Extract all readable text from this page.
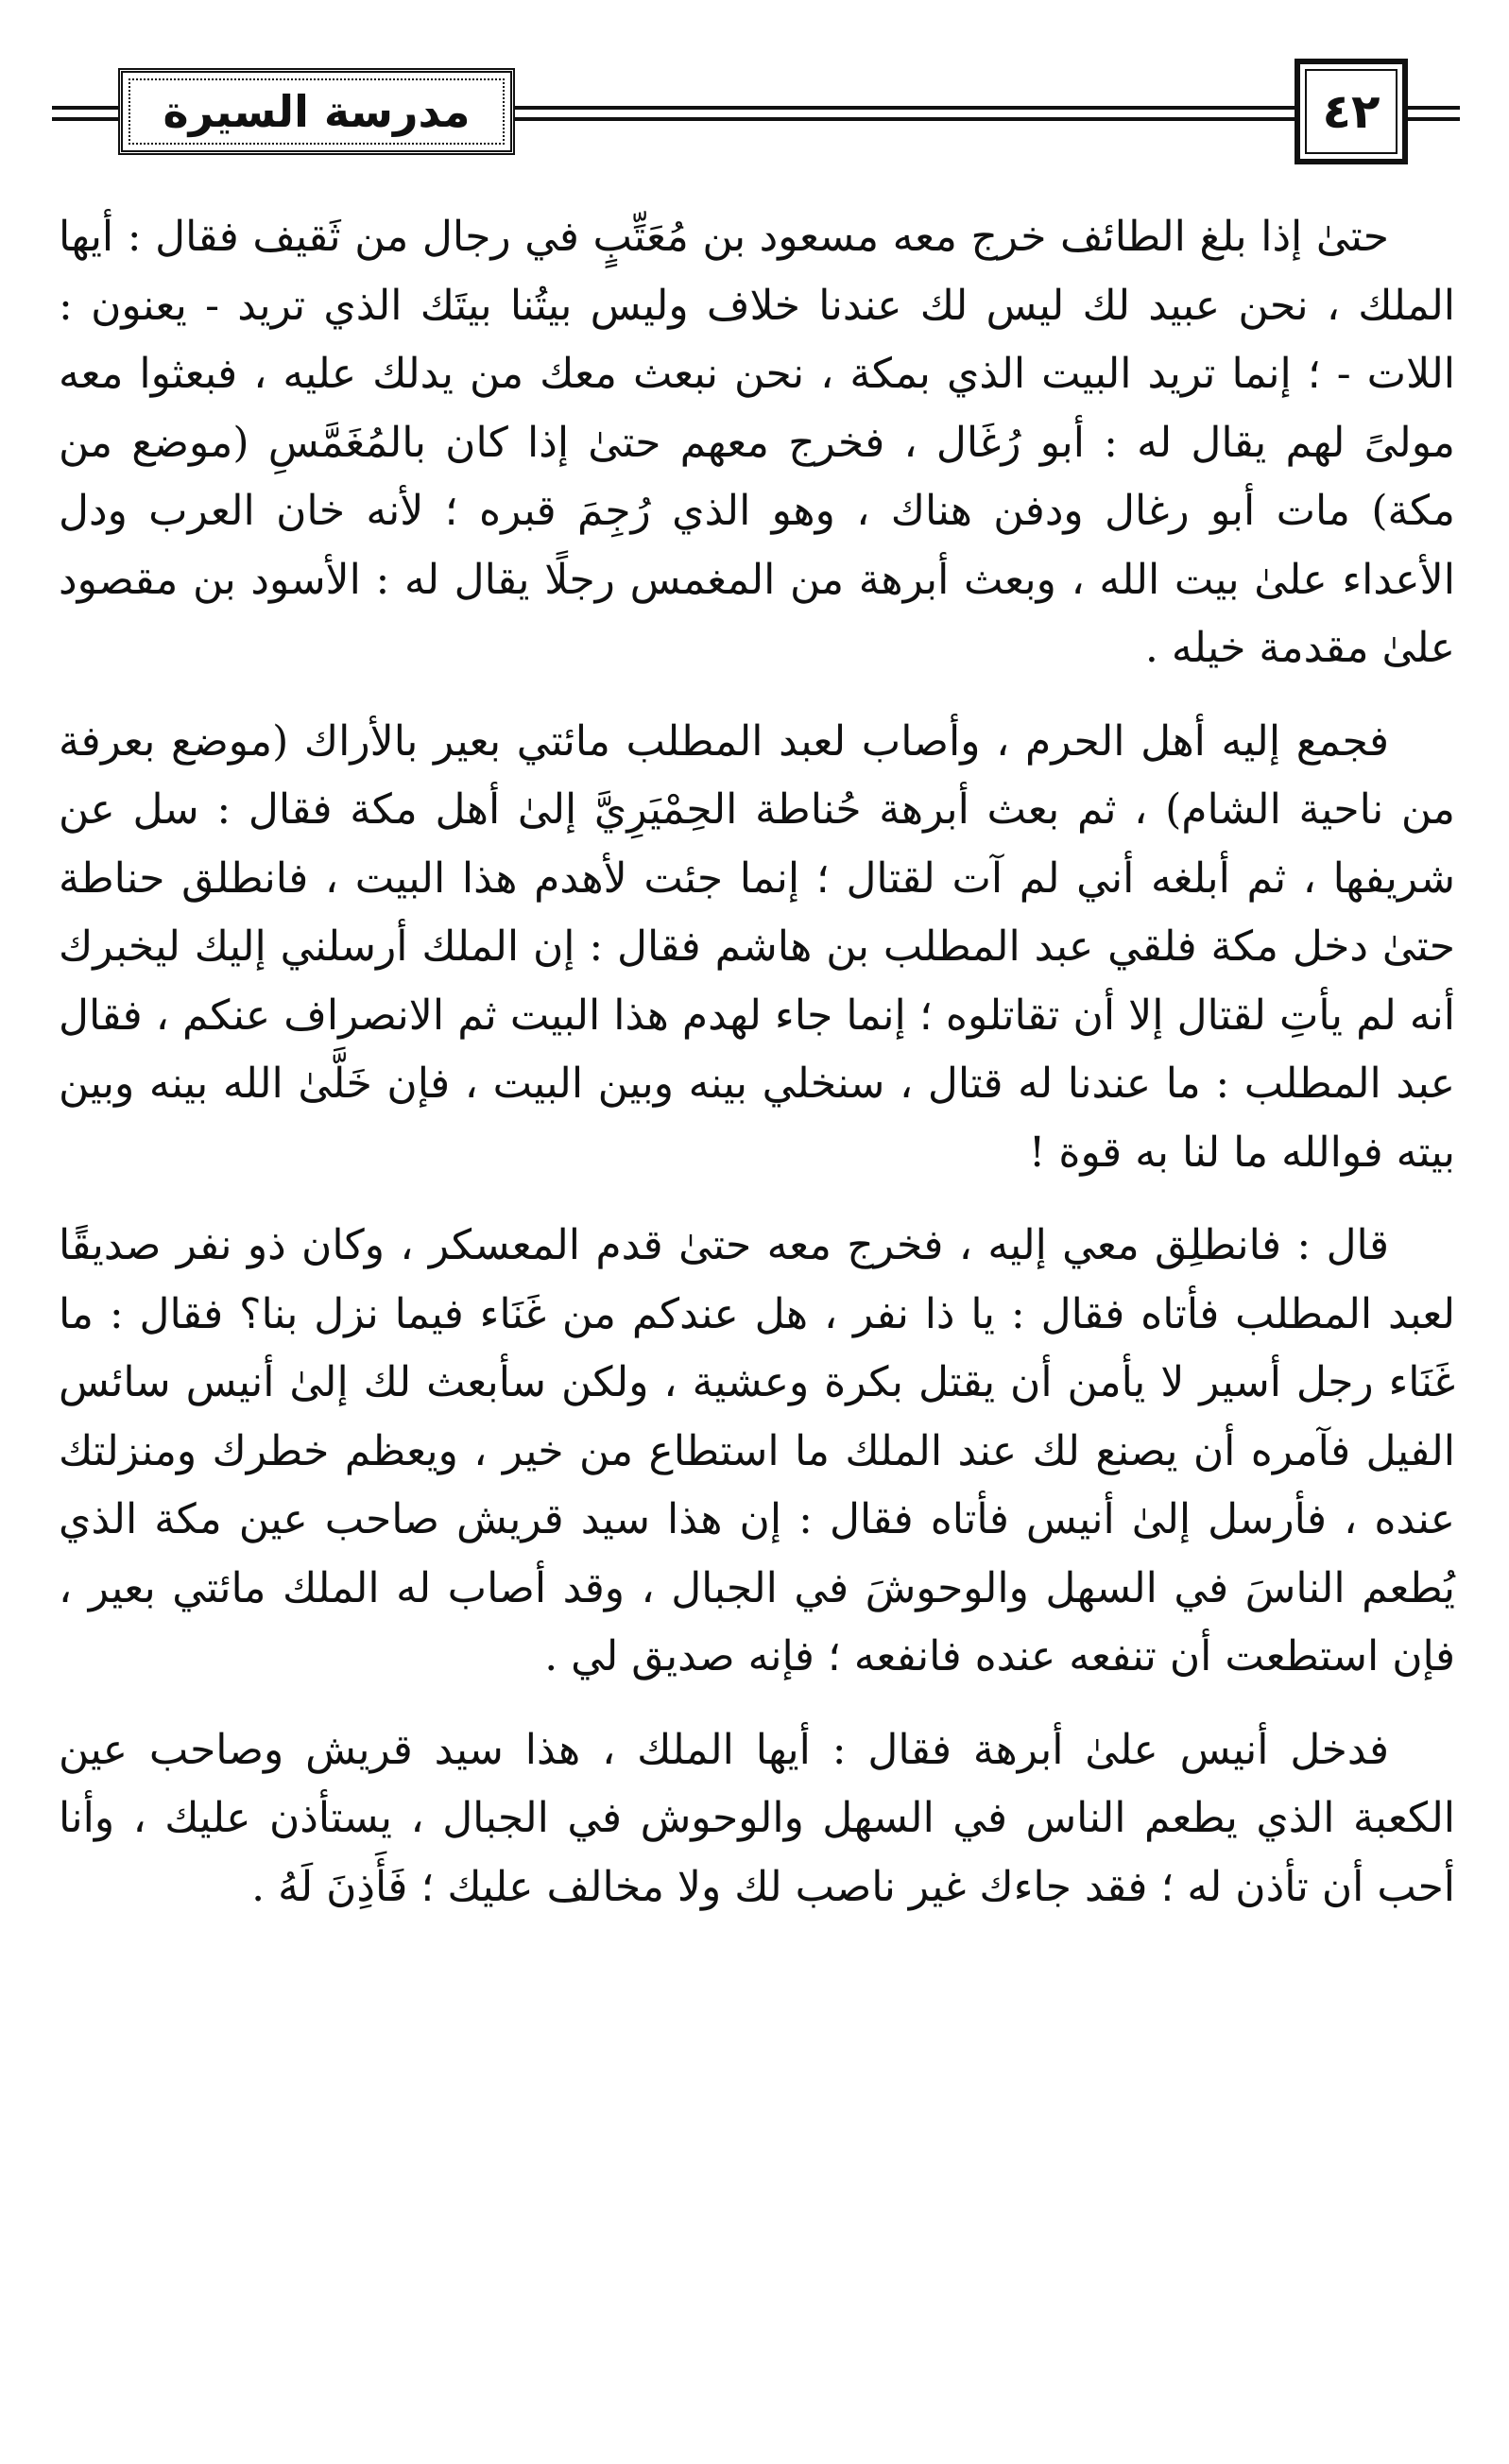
مدرسة السيرة	٤٢

حتىٰ إذا بلغ الطائف خرج معه مسعود بن مُعَتِّبٍ في رجال من ثَقيف فقال : أيها الملك ، نحن عبيد لك ليس لك عندنا خلاف وليس بيتُنا بيتَك الذي تريد - يعنون : اللات - ؛ إنما تريد البيت الذي بمكة ، نحن نبعث معك من يدلك عليه ، فبعثوا معه مولىً لهم يقال له : أبو رُغَال ، فخرج معهم حتىٰ إذا كان بالمُغَمَّسِ (موضع من مكة) مات أبو رغال ودفن هناك ، وهو الذي رُجِمَ قبره ؛ لأنه خان العرب ودل الأعداء علىٰ بيت الله ، وبعث أبرهة من المغمس رجلًا يقال له : الأسود بن مقصود علىٰ مقدمة خيله .

فجمع إليه أهل الحرم ، وأصاب لعبد المطلب مائتي بعير بالأراك (موضع بعرفة من ناحية الشام) ، ثم بعث أبرهة حُناطة الحِمْيَرِيَّ إلىٰ أهل مكة فقال : سل عن شريفها ، ثم أبلغه أني لم آت لقتال ؛ إنما جئت لأهدم هذا البيت ، فانطلق حناطة حتىٰ دخل مكة فلقي عبد المطلب بن هاشم فقال : إن الملك أرسلني إليك ليخبرك أنه لم يأتِ لقتال إلا أن تقاتلوه ؛ إنما جاء لهدم هذا البيت ثم الانصراف عنكم ، فقال عبد المطلب : ما عندنا له قتال ، سنخلي بينه وبين البيت ، فإن خَلَّىٰ الله بينه وبين بيته فوالله ما لنا به قوة !

قال : فانطلِق معي إليه ، فخرج معه حتىٰ قدم المعسكر ، وكان ذو نفر صديقًا لعبد المطلب فأتاه فقال : يا ذا نفر ، هل عندكم من غَنَاء فيما نزل بنا؟ فقال : ما غَنَاء رجل أسير لا يأمن أن يقتل بكرة وعشية ، ولكن سأبعث لك إلىٰ أنيس سائس الفيل فآمره أن يصنع لك عند الملك ما استطاع من خير ، ويعظم خطرك ومنزلتك عنده ، فأرسل إلىٰ أنيس فأتاه فقال : إن هذا سيد قريش صاحب عين مكة الذي يُطعم الناسَ في السهل والوحوشَ في الجبال ، وقد أصاب له الملك مائتي بعير ، فإن استطعت أن تنفعه عنده فانفعه ؛ فإنه صديق لي .

فدخل أنيس علىٰ أبرهة فقال : أيها الملك ، هذا سيد قريش وصاحب عين الكعبة الذي يطعم الناس في السهل والوحوش في الجبال ، يستأذن عليك ، وأنا أحب أن تأذن له ؛ فقد جاءك غير ناصب لك ولا مخالف عليك ؛ فَأَذِنَ لَهُ .
